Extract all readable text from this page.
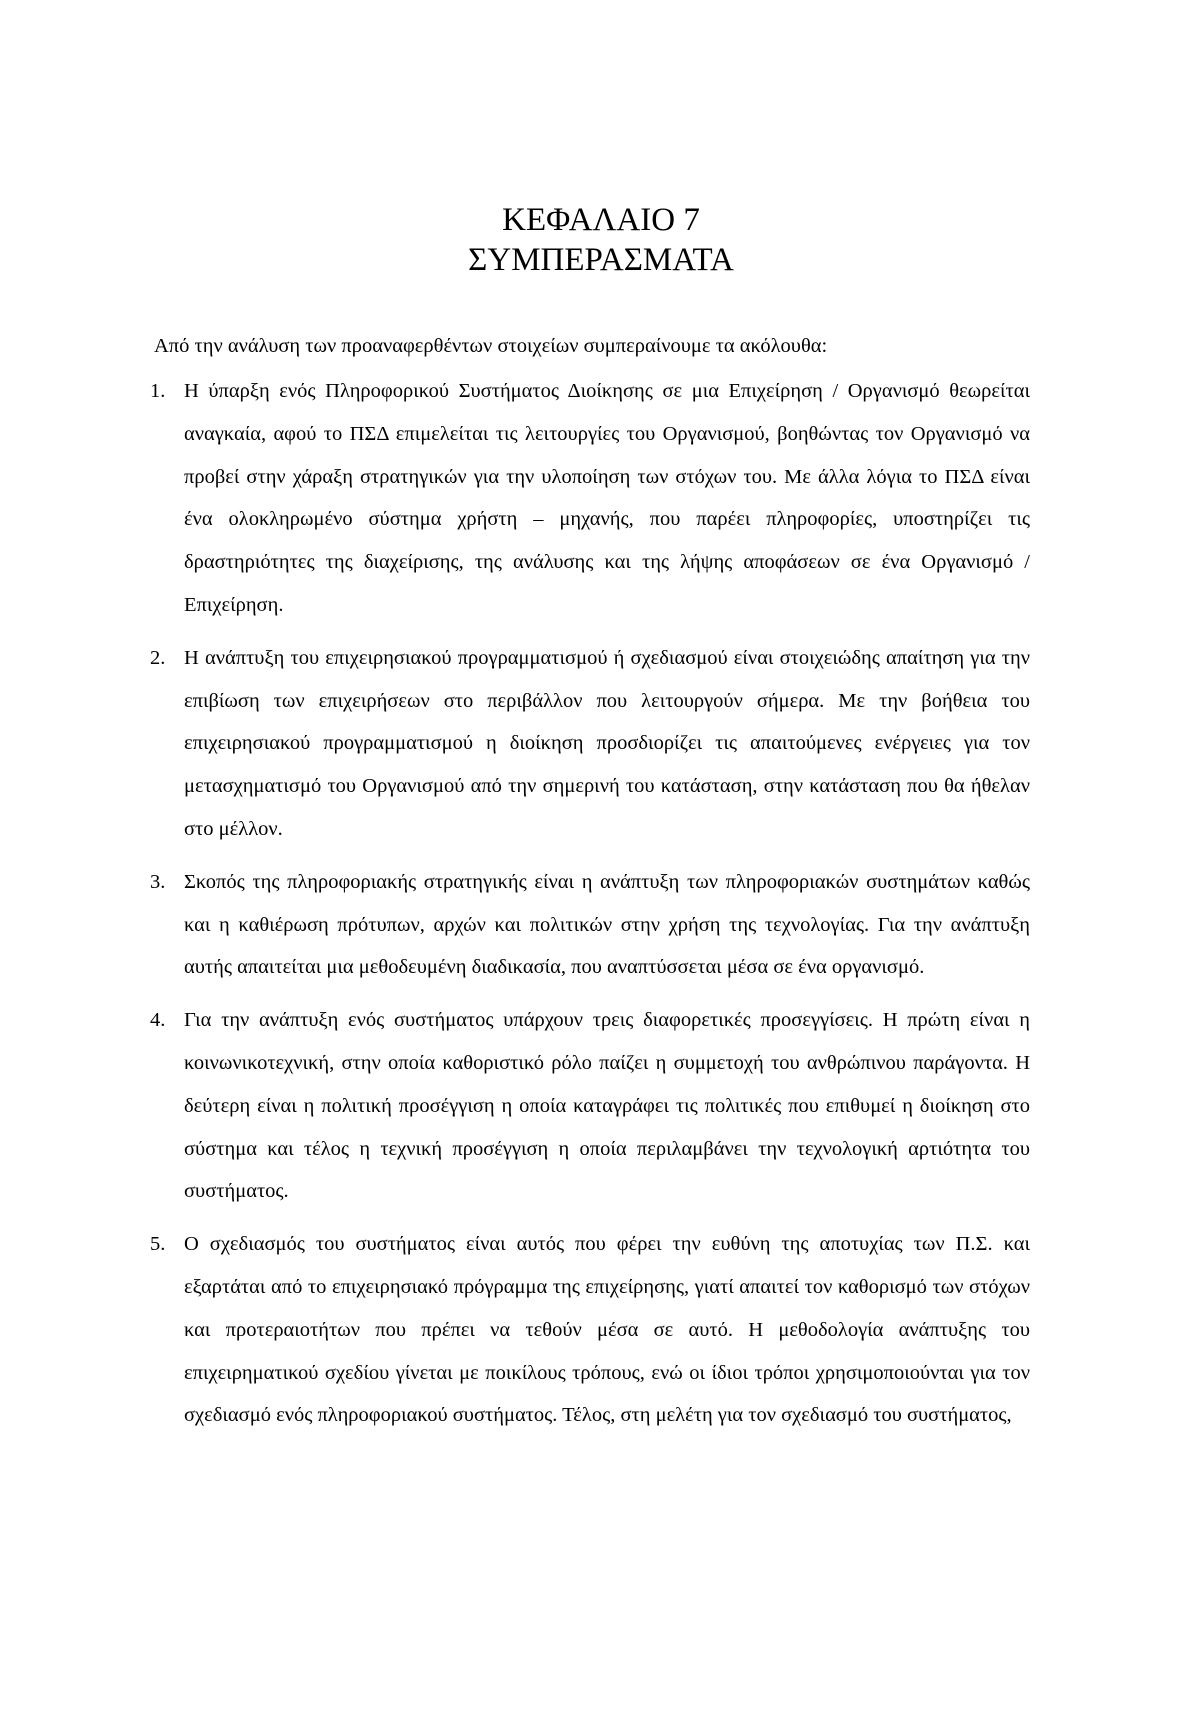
ΚΕΦΑΛΑΙΟ 7
ΣΥΜΠΕΡΑΣΜΑΤΑ
Από την ανάλυση των προαναφερθέντων στοιχείων συμπεραίνουμε τα ακόλουθα:
1. Η ύπαρξη ενός Πληροφορικού Συστήματος Διοίκησης σε μια Επιχείρηση / Οργανισμό θεωρείται αναγκαία, αφού το ΠΣΔ επιμελείται τις λειτουργίες του Οργανισμού, βοηθώντας τον Οργανισμό να προβεί στην χάραξη στρατηγικών για την υλοποίηση των στόχων του. Με άλλα λόγια το ΠΣΔ είναι ένα ολοκληρωμένο σύστημα χρήστη – μηχανής, που παρέει πληροφορίες, υποστηρίζει τις δραστηριότητες της διαχείρισης, της ανάλυσης και της λήψης αποφάσεων σε ένα Οργανισμό / Επιχείρηση.
2. Η ανάπτυξη του επιχειρησιακού προγραμματισμού ή σχεδιασμού είναι στοιχειώδης απαίτηση για την επιβίωση των επιχειρήσεων στο περιβάλλον που λειτουργούν σήμερα. Με την βοήθεια του επιχειρησιακού προγραμματισμού η διοίκηση προσδιορίζει τις απαιτούμενες ενέργειες για τον μετασχηματισμό του Οργανισμού από την σημερινή του κατάσταση, στην κατάσταση που θα ήθελαν στο μέλλον.
3. Σκοπός της πληροφοριακής στρατηγικής είναι η ανάπτυξη των πληροφοριακών συστημάτων καθώς και η καθιέρωση πρότυπων, αρχών και πολιτικών στην χρήση της τεχνολογίας. Για την ανάπτυξη αυτής απαιτείται μια μεθοδευμένη διαδικασία, που αναπτύσσεται μέσα σε ένα οργανισμό.
4. Για την ανάπτυξη ενός συστήματος υπάρχουν τρεις διαφορετικές προσεγγίσεις. Η πρώτη είναι η κοινωνικοτεχνική, στην οποία καθοριστικό ρόλο παίζει η συμμετοχή του ανθρώπινου παράγοντα. Η δεύτερη είναι η πολιτική προσέγγιση η οποία καταγράφει τις πολιτικές που επιθυμεί η διοίκηση στο σύστημα και τέλος η τεχνική προσέγγιση η οποία περιλαμβάνει την τεχνολογική αρτιότητα του συστήματος.
5. Ο σχεδιασμός του συστήματος είναι αυτός που φέρει την ευθύνη της αποτυχίας των Π.Σ. και εξαρτάται από το επιχειρησιακό πρόγραμμα της επιχείρησης, γιατί απαιτεί τον καθορισμό των στόχων και προτεραιοτήτων που πρέπει να τεθούν μέσα σε αυτό. Η μεθοδολογία ανάπτυξης του επιχειρηματικού σχεδίου γίνεται με ποικίλους τρόπους, ενώ οι ίδιοι τρόποι χρησιμοποιούνται για τον σχεδιασμό ενός πληροφοριακού συστήματος. Τέλος, στη μελέτη για τον σχεδιασμό του συστήματος,
